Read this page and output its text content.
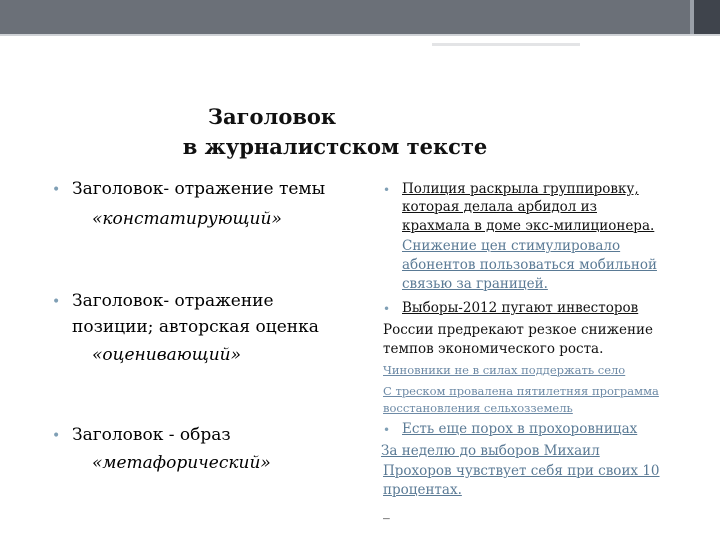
Заголовок
в журналистском тексте
• Заголовок- отражение темы
«констатирующий»
• Заголовок- отражение
позиции; авторская оценка
«оценивающий»
• Заголовок - образ
«метафорический»
• Полиция раскрыла группировку,
которая делала арбидол из
крахмала в доме экс-милиционера.
Снижение цен стимулировало
абонентов пользоваться мобильной
связью за границей.
• Выборы-2012 пугают инвесторов
России предрекают резкое снижение
темпов экономического роста.
Чиновники не в силах поддержать село
С треском провалена пятилетняя программа
восстановления сельхозземель
• Есть еще порох в прохоровницах
За неделю до выборов Михаил
Прохоров чувствует себя при своих 10
процентах.
_
